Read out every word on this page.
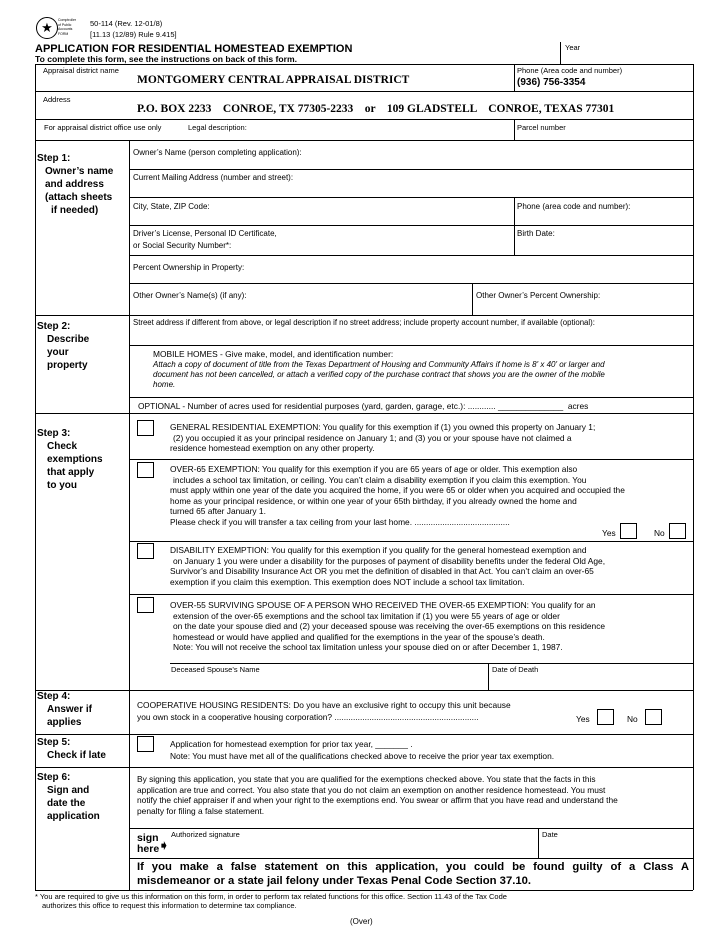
★	Comptroller of Public Accounts FORM
50-114 (Rev. 12-01/8)
[11.13 (12/89) Rule 9.415]
APPLICATION FOR RESIDENTIAL HOMESTEAD EXEMPTION
To complete this form, see the instructions on back of this form.
Year
Appraisal district name
MONTGOMERY CENTRAL APPRAISAL DISTRICT
Phone (Area code and number)
(936) 756-3354
Address
P.O. BOX 2233    CONROE, TX 77305-2233    or    109 GLADSTELL    CONROE, TEXAS 77301
For appraisal district office use only	Legal description:	Parcel number
Step 1:
Owner’s name
and address
(attach sheets
if needed)
Owner’s Name (person completing application):
Current Mailing Address (number and street):
City, State, ZIP Code:	Phone (area code and number):
Driver’s License, Personal ID Certificate,
or Social Security Number*:
Birth Date:
Percent Ownership in Property:
Other Owner’s Name(s) (if any):	Other Owner’s Percent Ownership:
Step 2:
Describe
your
property
Street address if different from above, or legal description if no street address; include property account number, if available (optional):
MOBILE HOMES - Give make, model, and identification number:
Attach a copy of document of title from the Texas Department of Housing and Community Affairs if home is 8' x 40' or larger and
document has not been cancelled, or attach a verified copy of the purchase contract that shows you are the owner of the mobile
home.
OPTIONAL - Number of acres used for residential purposes (yard, garden, garage, etc.): ............ ______________  acres
Step 3:
Check
exemptions
that apply
to you
GENERAL RESIDENTIAL EXEMPTION: You qualify for this exemption if (1) you owned this property on January 1;
(2) you occupied it as your principal residence on January 1; and (3) you or your spouse have not claimed a
residence homestead exemption on any other property.
OVER-65 EXEMPTION: You qualify for this exemption if you are 65 years of age or older. This exemption also
includes a school tax limitation, or ceiling. You can’t claim a disability exemption if you claim this exemption. You
must apply within one year of the date you acquired the home, if you were 65 or older when you acquired and occupied the
home as your principal residence, or within one year of your 65th birthday, if you already owned the home and
turned 65 after January 1.
Please check if you will transfer a tax ceiling from your last home. .........................................
Yes	No
DISABILITY EXEMPTION: You qualify for this exemption if you qualify for the general homestead exemption and
on January 1 you were under a disability for the purposes of payment of disability benefits under the federal Old Age,
Survivor’s and Disability Insurance Act OR you met the definition of disabled in that Act. You can’t claim an over-65
exemption if you claim this exemption. This exemption does NOT include a school tax limitation.
OVER-55 SURVIVING SPOUSE OF A PERSON WHO RECEIVED THE OVER-65 EXEMPTION: You qualify for an
extension of the over-65 exemptions and the school tax limitation if (1) you were 55 years of age or older
on the date your spouse died and (2) your deceased spouse was receiving the over-65 exemptions on this residence
homestead or would have applied and qualified for the exemptions in the year of the spouse’s death.
Note: You will not receive the school tax limitation unless your spouse died on or after December 1, 1987.
Deceased Spouse’s Name	Date of Death
Step 4:
Answer if
applies
COOPERATIVE HOUSING RESIDENTS: Do you have an exclusive right to occupy this unit because
you own stock in a cooperative housing corporation? ..............................................................	Yes	No
Step 5:
Check if late
Application for homestead exemption for prior tax year, _______ .
Note: You must have met all of the qualifications checked above to receive the prior year tax exemption.
Step 6:
Sign and
date the
application
By signing this application, you state that you are qualified for the exemptions checked above. You state that the facts in this
application are true and correct. You also state that you do not claim an exemption on another residence homestead. You must
notify the chief appraiser if and when your right to the exemptions end. You swear or affirm that you have read and understand the
penalty for filing a false statement.
sign
here
➧
Authorized signature	Date
If you make a false statement on this application, you could be found guilty of a Class A
misdemeanor or a state jail felony under Texas Penal Code Section 37.10.
* You are required to give us this information on this form, in order to perform tax related functions for this office. Section 11.43 of the Tax Code
authorizes this office to request this information to determine tax compliance.
(Over)
